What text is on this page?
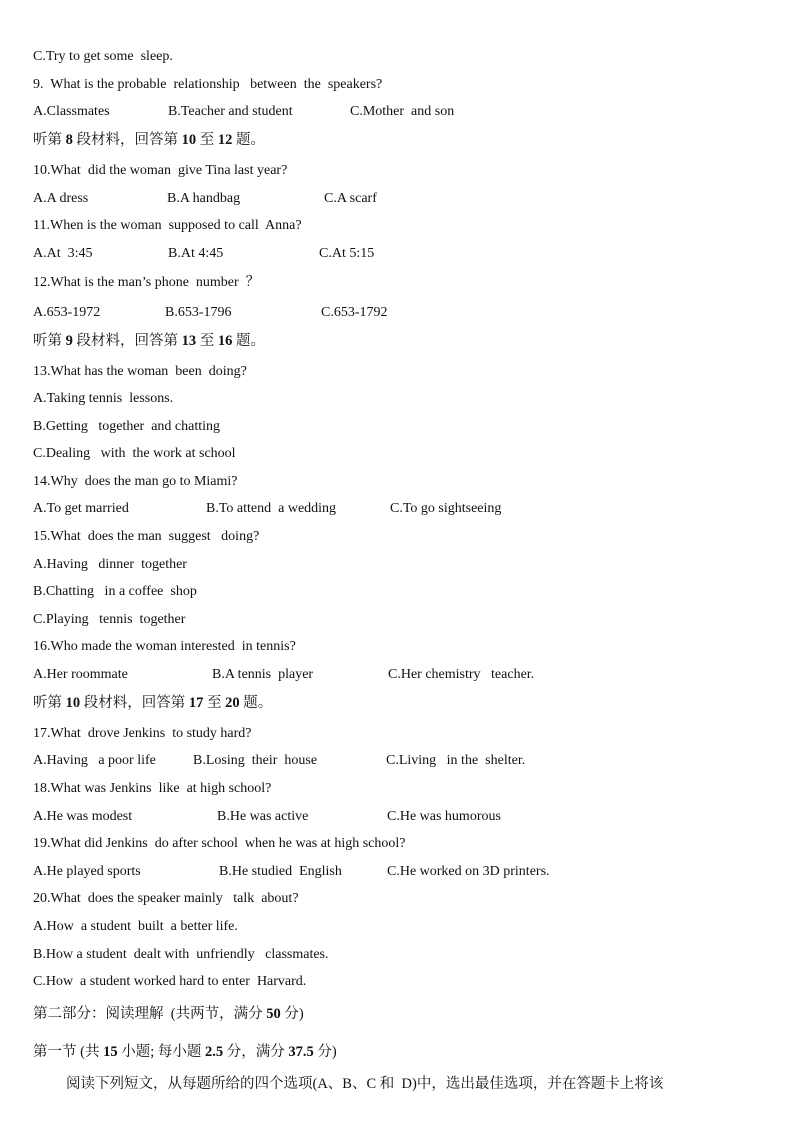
C.Try to get some  sleep.
9.  What is the probable  relationship   between  the  speakers?
A.Classmates	B.Teacher and student	C.Mother  and son
听第 8 段材料，回答第 10 至 12 题。
10.What  did the woman  give Tina last year?
A.A dress	B.A handbag	C.A scarf
11.When is the woman  supposed to call  Anna?
A.At  3:45	B.At 4:45	C.At 5:15
12.What is the man’s phone  number  ？
A.653-1972	B.653-1796	C.653-1792
听第 9 段材料，回答第 13 至 16 题。
13.What has the woman  been  doing?
A.Taking tennis  lessons.
B.Getting   together  and chatting
C.Dealing   with  the work at school
14.Why  does the man go to Miami?
A.To get married	B.To attend  a wedding	C.To go sightseeing
15.What  does the man  suggest   doing?
A.Having   dinner  together
B.Chatting   in a coffee  shop
C.Playing   tennis  together
16.Who made the woman interested  in tennis?
A.Her roommate	B.A tennis  player	C.Her chemistry   teacher.
听第 10 段材料，回答第 17 至 20 题。
17.What  drove Jenkins  to study hard?
A.Having   a poor life	B.Losing  their  house	C.Living   in the  shelter.
18.What was Jenkins  like  at high school?
A.He was modest	B.He was active	C.He was humorous
19.What did Jenkins  do after school  when he was at high school?
A.He played sports	B.He studied  English	C.He worked on 3D printers.
20.What  does the speaker mainly   talk  about?
A.How  a student  built  a better life.
B.How a student  dealt with  unfriendly   classmates.
C.How  a student worked hard to enter  Harvard.
第二部分：阅读理解  (共两节，满分 50 分)
第一节 (共 15 小题; 每小题 2.5 分，满分 37.5 分)
阅读下列短文，从每题所给的四个选项(A、B、C 和  D)中，选出最佳选项，并在答题卡上将该
